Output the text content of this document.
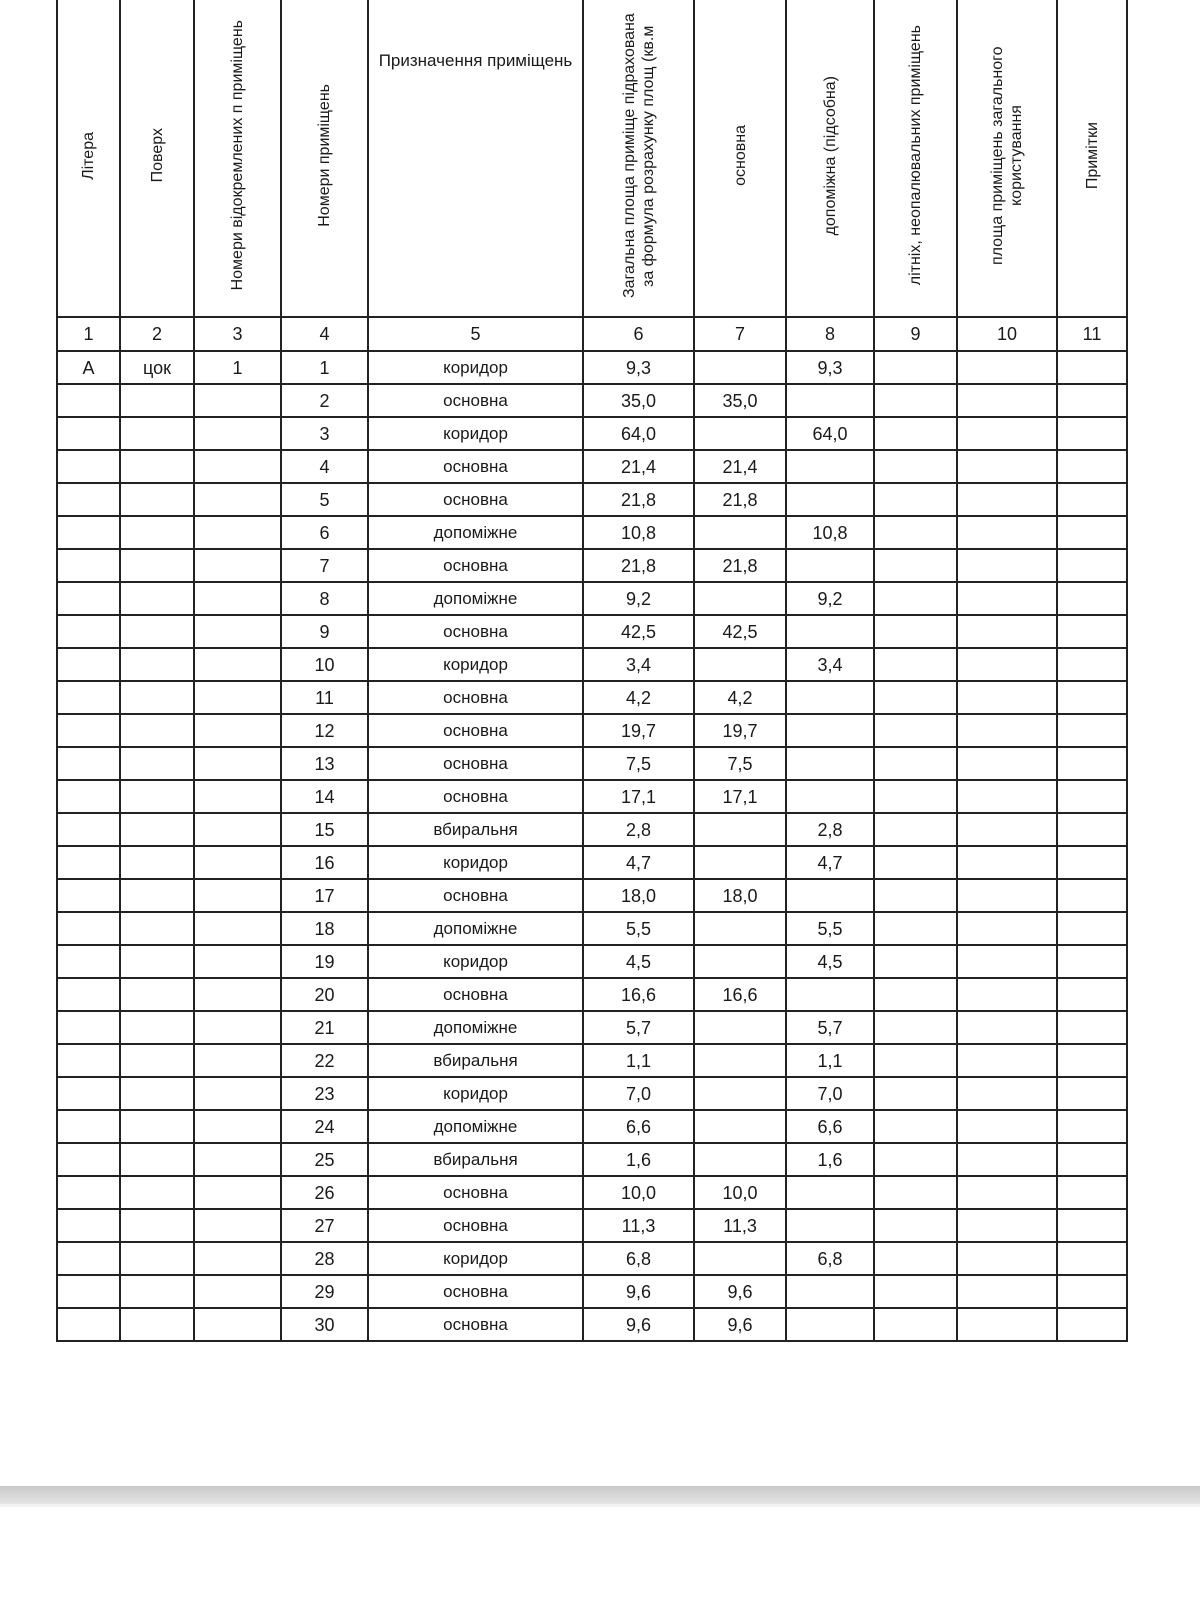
Літера	Поверх	Номери відокремлених п приміщень	Номери приміщень	Призначення приміщень	Загальна площа приміще підрахована за формула розрахунку площ (кв.м	основна	допоміжна (підсобна)	літніх, неопалювальних приміщень	площа приміщень загального користування	Примітки
1	2	3	4	5	6	7	8	9	10	11
А	цок	1	1	коридор	9,3		9,3			
			2	основна	35,0	35,0				
			3	коридор	64,0		64,0			
			4	основна	21,4	21,4				
			5	основна	21,8	21,8				
			6	допоміжне	10,8		10,8			
			7	основна	21,8	21,8				
			8	допоміжне	9,2		9,2			
			9	основна	42,5	42,5				
			10	коридор	3,4		3,4			
			11	основна	4,2	4,2				
			12	основна	19,7	19,7				
			13	основна	7,5	7,5				
			14	основна	17,1	17,1				
			15	вбиральня	2,8		2,8			
			16	коридор	4,7		4,7			
			17	основна	18,0	18,0				
			18	допоміжне	5,5		5,5			
			19	коридор	4,5		4,5			
			20	основна	16,6	16,6				
			21	допоміжне	5,7		5,7			
			22	вбиральня	1,1		1,1			
			23	коридор	7,0		7,0			
			24	допоміжне	6,6		6,6			
			25	вбиральня	1,6		1,6			
			26	основна	10,0	10,0				
			27	основна	11,3	11,3				
			28	коридор	6,8		6,8			
			29	основна	9,6	9,6				
			30	основна	9,6	9,6				
